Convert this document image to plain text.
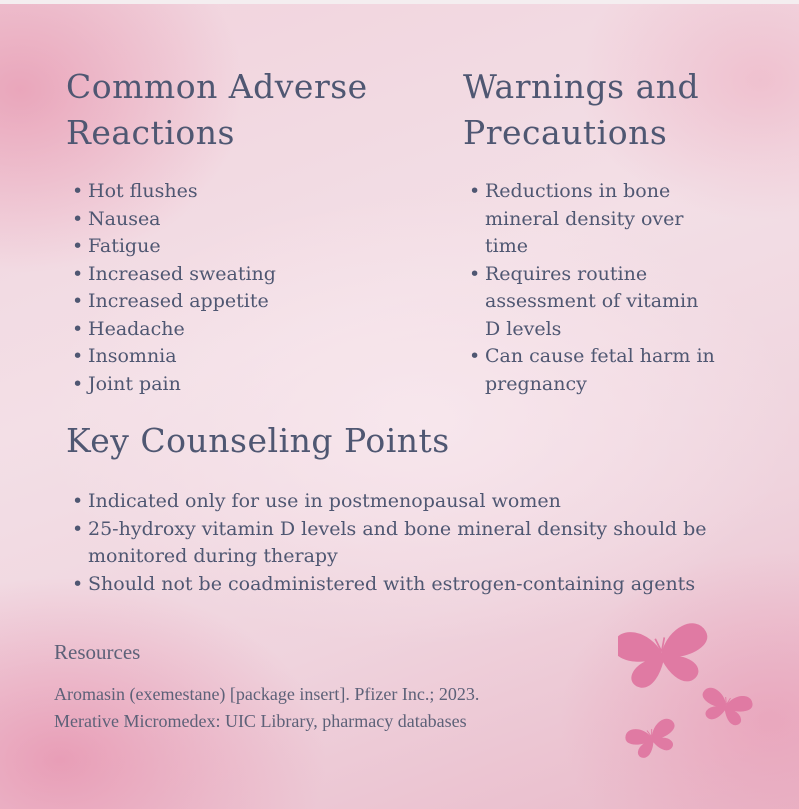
Common Adverse
Reactions
• Hot flushes
• Nausea
• Fatigue
• Increased sweating
• Increased appetite
• Headache
• Insomnia
• Joint pain
Warnings and
Precautions
• Reductions in bone mineral density over time
• Requires routine assessment of vitamin D levels
• Can cause fetal harm in pregnancy
Key Counseling Points
• Indicated only for use in postmenopausal women
• 25-hydroxy vitamin D levels and bone mineral density should be monitored during therapy
• Should not be coadministered with estrogen-containing agents
Resources
Aromasin (exemestane) [package insert]. Pfizer Inc.; 2023.
Merative Micromedex: UIC Library, pharmacy databases
